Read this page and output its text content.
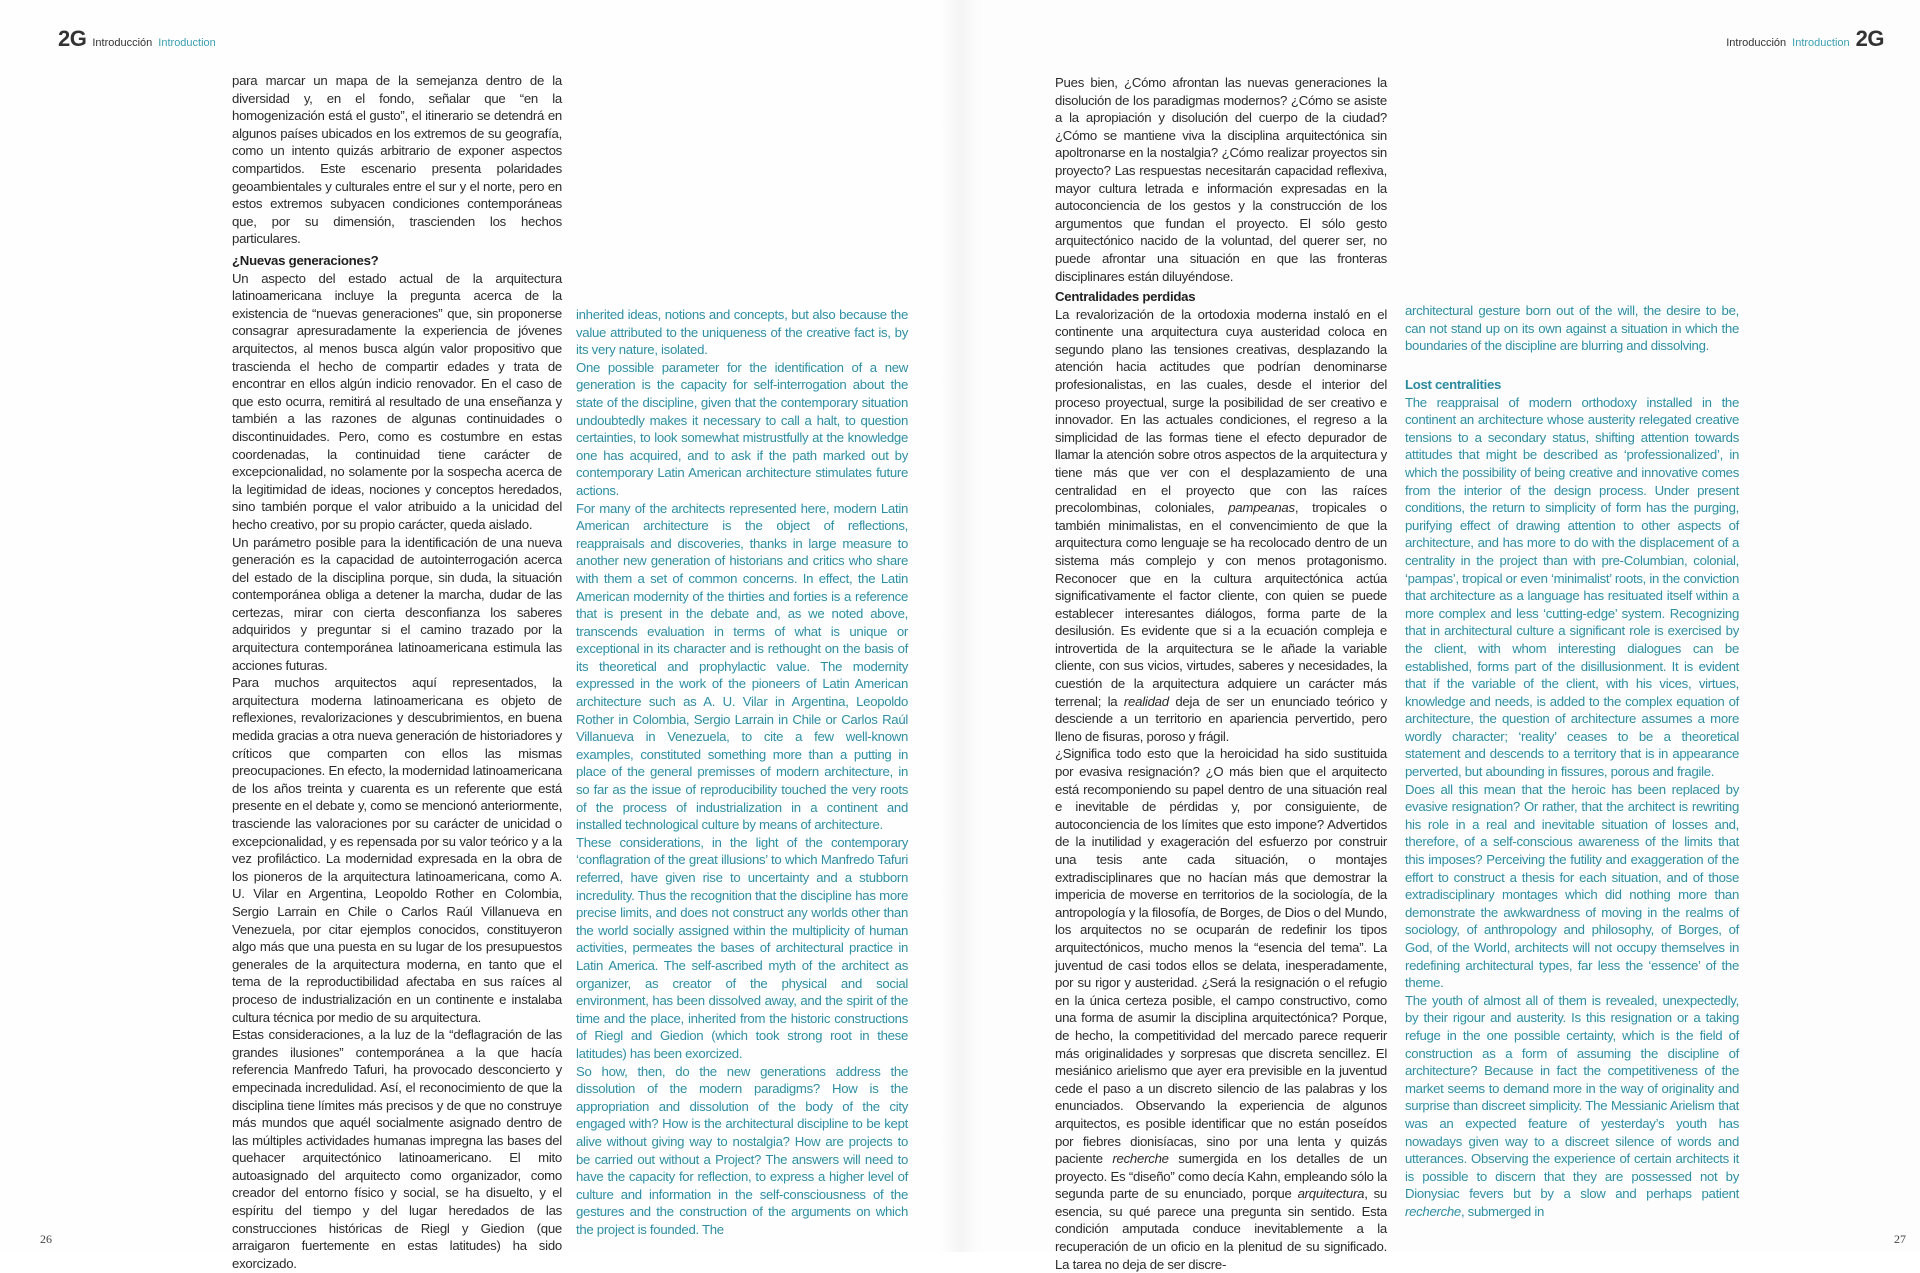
2G Introducción Introduction	Introducción Introduction 2G

para marcar un mapa de la semejanza dentro de la diversidad y, en el fondo, señalar que “en la homogenización está el gusto”, el itinerario se detendrá en algunos países ubicados en los extremos de su geografía, como un intento quizás arbitrario de exponer aspectos compartidos. Este escenario presenta polaridades geoambientales y culturales entre el sur y el norte, pero en estos extremos subyacen condiciones contemporáneas que, por su dimensión, trascienden los hechos particulares.

¿Nuevas generaciones?

Un aspecto del estado actual de la arquitectura latinoamericana incluye la pregunta acerca de la existencia de “nuevas generaciones” que, sin proponerse consagrar apresuradamente la experiencia de jóvenes arquitectos, al menos busca algún valor propositivo que trascienda el hecho de compartir edades y trata de encontrar en ellos algún indicio renovador. En el caso de que esto ocurra, remitirá al resultado de una enseñanza y también a las razones de algunas continuidades o discontinuidades. Pero, como es costumbre en estas coordenadas, la continuidad tiene carácter de excepcionalidad, no solamente por la sospecha acerca de la legitimidad de ideas, nociones y conceptos heredados, sino también porque el valor atribuido a la unicidad del hecho creativo, por su propio carácter, queda aislado.

Un parámetro posible para la identificación de una nueva generación es la capacidad de autointerrogación acerca del estado de la disciplina porque, sin duda, la situación contemporánea obliga a detener la marcha, dudar de las certezas, mirar con cierta desconfianza los saberes adquiridos y preguntar si el camino trazado por la arquitectura contemporánea latinoamericana estimula las acciones futuras.

Para muchos arquitectos aquí representados, la arquitectura moderna latinoamericana es objeto de reflexiones, revalorizaciones y descubrimientos, en buena medida gracias a otra nueva generación de historiadores y críticos que comparten con ellos las mismas preocupaciones. En efecto, la modernidad latinoamericana de los años treinta y cuarenta es un referente que está presente en el debate y, como se mencionó anteriormente, trasciende las valoraciones por su carácter de unicidad o excepcionalidad, y es repensada por su valor teórico y a la vez profiláctico. La modernidad expresada en la obra de los pioneros de la arquitectura latinoamericana, como A. U. Vilar en Argentina, Leopoldo Rother en Colombia, Sergio Larrain en Chile o Carlos Raúl Villanueva en Venezuela, por citar ejemplos conocidos, constituyeron algo más que una puesta en su lugar de los presupuestos generales de la arquitectura moderna, en tanto que el tema de la reproductibilidad afectaba en sus raíces al proceso de industrialización en un continente e instalaba cultura técnica por medio de su arquitectura.

Estas consideraciones, a la luz de la “deflagración de las grandes ilusiones” contemporánea a la que hacía referencia Manfredo Tafuri, ha provocado desconcierto y empecinada incredulidad. Así, el reconocimiento de que la disciplina tiene límites más precisos y de que no construye más mundos que aquél socialmente asignado dentro de las múltiples actividades humanas impregna las bases del quehacer arquitectónico latinoamericano. El mito autoasignado del arquitecto como organizador, como creador del entorno físico y social, se ha disuelto, y el espíritu del tiempo y del lugar heredados de las construcciones históricas de Riegl y Giedion (que arraigaron fuertemente en estas latitudes) ha sido exorcizado.

inherited ideas, notions and concepts, but also because the value attributed to the uniqueness of the creative fact is, by its very nature, isolated.

One possible parameter for the identification of a new generation is the capacity for self-interrogation about the state of the discipline, given that the contemporary situation undoubtedly makes it necessary to call a halt, to question certainties, to look somewhat mistrustfully at the knowledge one has acquired, and to ask if the path marked out by contemporary Latin American architecture stimulates future actions.

For many of the architects represented here, modern Latin American architecture is the object of reflections, reappraisals and discoveries, thanks in large measure to another new generation of historians and critics who share with them a set of common concerns. In effect, the Latin American modernity of the thirties and forties is a reference that is present in the debate and, as we noted above, transcends evaluation in terms of what is unique or exceptional in its character and is rethought on the basis of its theoretical and prophylactic value. The modernity expressed in the work of the pioneers of Latin American architecture such as A. U. Vilar in Argentina, Leopoldo Rother in Colombia, Sergio Larrain in Chile or Carlos Raúl Villanueva in Venezuela, to cite a few well-known examples, constituted something more than a putting in place of the general premisses of modern architecture, in so far as the issue of reproducibility touched the very roots of the process of industrialization in a continent and installed technological culture by means of architecture.

These considerations, in the light of the contemporary ‘conflagration of the great illusions’ to which Manfredo Tafuri referred, have given rise to uncertainty and a stubborn incredulity. Thus the recognition that the discipline has more precise limits, and does not construct any worlds other than the world socially assigned within the multiplicity of human activities, permeates the bases of architectural practice in Latin America. The self-ascribed myth of the architect as organizer, as creator of the physical and social environment, has been dissolved away, and the spirit of the time and the place, inherited from the historic constructions of Riegl and Giedion (which took strong root in these latitudes) has been exorcized.

So how, then, do the new generations address the dissolution of the modern paradigms? How is the appropriation and dissolution of the body of the city engaged with? How is the architectural discipline to be kept alive without giving way to nostalgia? How are projects to be carried out without a Project? The answers will need to have the capacity for reflection, to express a higher level of culture and information in the self-consciousness of the gestures and the construction of the arguments on which the project is founded. The

Pues bien, ¿Cómo afrontan las nuevas generaciones la disolución de los paradigmas modernos? ¿Cómo se asiste a la apropiación y disolución del cuerpo de la ciudad? ¿Cómo se mantiene viva la disciplina arquitectónica sin apoltronarse en la nostalgia? ¿Cómo realizar proyectos sin proyecto? Las respuestas necesitarán capacidad reflexiva, mayor cultura letrada e información expresadas en la autoconciencia de los gestos y la construcción de los argumentos que fundan el proyecto. El sólo gesto arquitectónico nacido de la voluntad, del querer ser, no puede afrontar una situación en que las fronteras disciplinares están diluyéndose.

Centralidades perdidas

La revalorización de la ortodoxia moderna instaló en el continente una arquitectura cuya austeridad coloca en segundo plano las tensiones creativas, desplazando la atención hacia actitudes que podrían denominarse profesionalistas, en las cuales, desde el interior del proceso proyectual, surge la posibilidad de ser creativo e innovador. En las actuales condiciones, el regreso a la simplicidad de las formas tiene el efecto depurador de llamar la atención sobre otros aspectos de la arquitectura y tiene más que ver con el desplazamiento de una centralidad en el proyecto que con las raíces precolombinas, coloniales, pampeanas, tropicales o también minimalistas, en el convencimiento de que la arquitectura como lenguaje se ha recolocado dentro de un sistema más complejo y con menos protagonismo. Reconocer que en la cultura arquitectónica actúa significativamente el factor cliente, con quien se puede establecer interesantes diálogos, forma parte de la desilusión. Es evidente que si a la ecuación compleja e introvertida de la arquitectura se le añade la variable cliente, con sus vicios, virtudes, saberes y necesidades, la cuestión de la arquitectura adquiere un carácter más terrenal; la realidad deja de ser un enunciado teórico y desciende a un territorio en apariencia pervertido, pero lleno de fisuras, poroso y frágil.

¿Significa todo esto que la heroicidad ha sido sustituida por evasiva resignación? ¿O más bien que el arquitecto está recomponiendo su papel dentro de una situación real e inevitable de pérdidas y, por consiguiente, de autoconciencia de los límites que esto impone? Advertidos de la inutilidad y exageración del esfuerzo por construir una tesis ante cada situación, o montajes extradisciplinares que no hacían más que demostrar la impericia de moverse en territorios de la sociología, de la antropología y la filosofía, de Borges, de Dios o del Mundo, los arquitectos no se ocuparán de redefinir los tipos arquitectónicos, mucho menos la “esencia del tema”. La juventud de casi todos ellos se delata, inesperadamente, por su rigor y austeridad. ¿Será la resignación o el refugio en la única certeza posible, el campo constructivo, como una forma de asumir la disciplina arquitectónica? Porque, de hecho, la competitividad del mercado parece requerir más originalidades y sorpresas que discreta sencillez. El mesiánico arielismo que ayer era previsible en la juventud cede el paso a un discreto silencio de las palabras y los enunciados. Observando la experiencia de algunos arquitectos, es posible identificar que no están poseídos por fiebres dionisíacas, sino por una lenta y quizás paciente recherche sumergida en los detalles de un proyecto. Es “diseño” como decía Kahn, empleando sólo la segunda parte de su enunciado, porque arquitectura, su esencia, su qué parece una pregunta sin sentido. Esta condición amputada conduce inevitablemente a la recuperación de un oficio en la plenitud de su significado. La tarea no deja de ser discre-

architectural gesture born out of the will, the desire to be, can not stand up on its own against a situation in which the boundaries of the discipline are blurring and dissolving.

Lost centralities

The reappraisal of modern orthodoxy installed in the continent an architecture whose austerity relegated creative tensions to a secondary status, shifting attention towards attitudes that might be described as ‘professionalized’, in which the possibility of being creative and innovative comes from the interior of the design process. Under present conditions, the return to simplicity of form has the purging, purifying effect of drawing attention to other aspects of architecture, and has more to do with the displacement of a centrality in the project than with pre-Columbian, colonial, ‘pampas’, tropical or even ‘minimalist’ roots, in the conviction that architecture as a language has resituated itself within a more complex and less ‘cutting-edge’ system. Recognizing that in architectural culture a significant role is exercised by the client, with whom interesting dialogues can be established, forms part of the disillusionment. It is evident that if the variable of the client, with his vices, virtues, knowledge and needs, is added to the complex equation of architecture, the question of architecture assumes a more wordly character; ‘reality’ ceases to be a theoretical statement and descends to a territory that is in appearance perverted, but abounding in fissures, porous and fragile.

Does all this mean that the heroic has been replaced by evasive resignation? Or rather, that the architect is rewriting his role in a real and inevitable situation of losses and, therefore, of a self-conscious awareness of the limits that this imposes? Perceiving the futility and exaggeration of the effort to construct a thesis for each situation, and of those extradisciplinary montages which did nothing more than demonstrate the awkwardness of moving in the realms of sociology, of anthropology and philosophy, of Borges, of God, of the World, architects will not occupy themselves in redefining architectural types, far less the ‘essence’ of the theme.

The youth of almost all of them is revealed, unexpectedly, by their rigour and austerity. Is this resignation or a taking refuge in the one possible certainty, which is the field of construction as a form of assuming the discipline of architecture? Because in fact the competitiveness of the market seems to demand more in the way of originality and surprise than discreet simplicity. The Messianic Arielism that was an expected feature of yesterday’s youth has nowadays given way to a discreet silence of words and utterances. Observing the experience of certain architects it is possible to discern that they are possessed not by Dionysiac fevers but by a slow and perhaps patient recherche, submerged in

26	27
